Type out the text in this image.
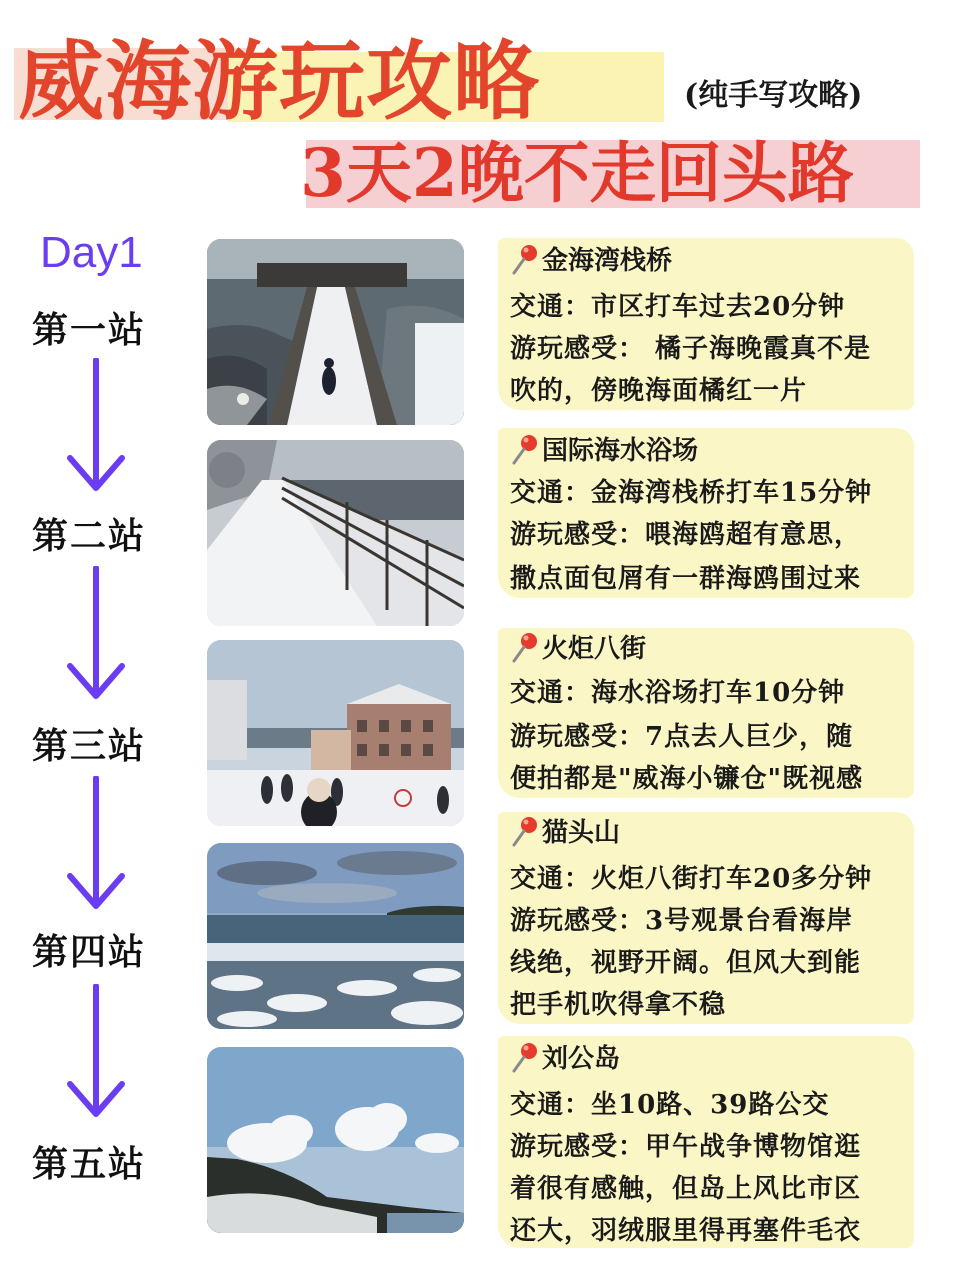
威海游玩攻略	(纯手写攻略)
3天2晚不走回头路
Day1
第一站
第二站
第三站
第四站
第五站
金海湾栈桥
交通：市区打车过去20分钟
游玩感受： 橘子海晚霞真不是
吹的，傍晚海面橘红一片
国际海水浴场
交通：金海湾栈桥打车15分钟
游玩感受：喂海鸥超有意思，
撒点面包屑有一群海鸥围过来
火炬八街
交通：海水浴场打车10分钟
游玩感受：7点去人巨少，随
便拍都是"威海小镰仓"既视感
猫头山
交通：火炬八街打车20多分钟
游玩感受：3号观景台看海岸
线绝，视野开阔。但风大到能
把手机吹得拿不稳
刘公岛
交通：坐10路、39路公交
游玩感受：甲午战争博物馆逛
着很有感触，但岛上风比市区
还大，羽绒服里得再塞件毛衣
